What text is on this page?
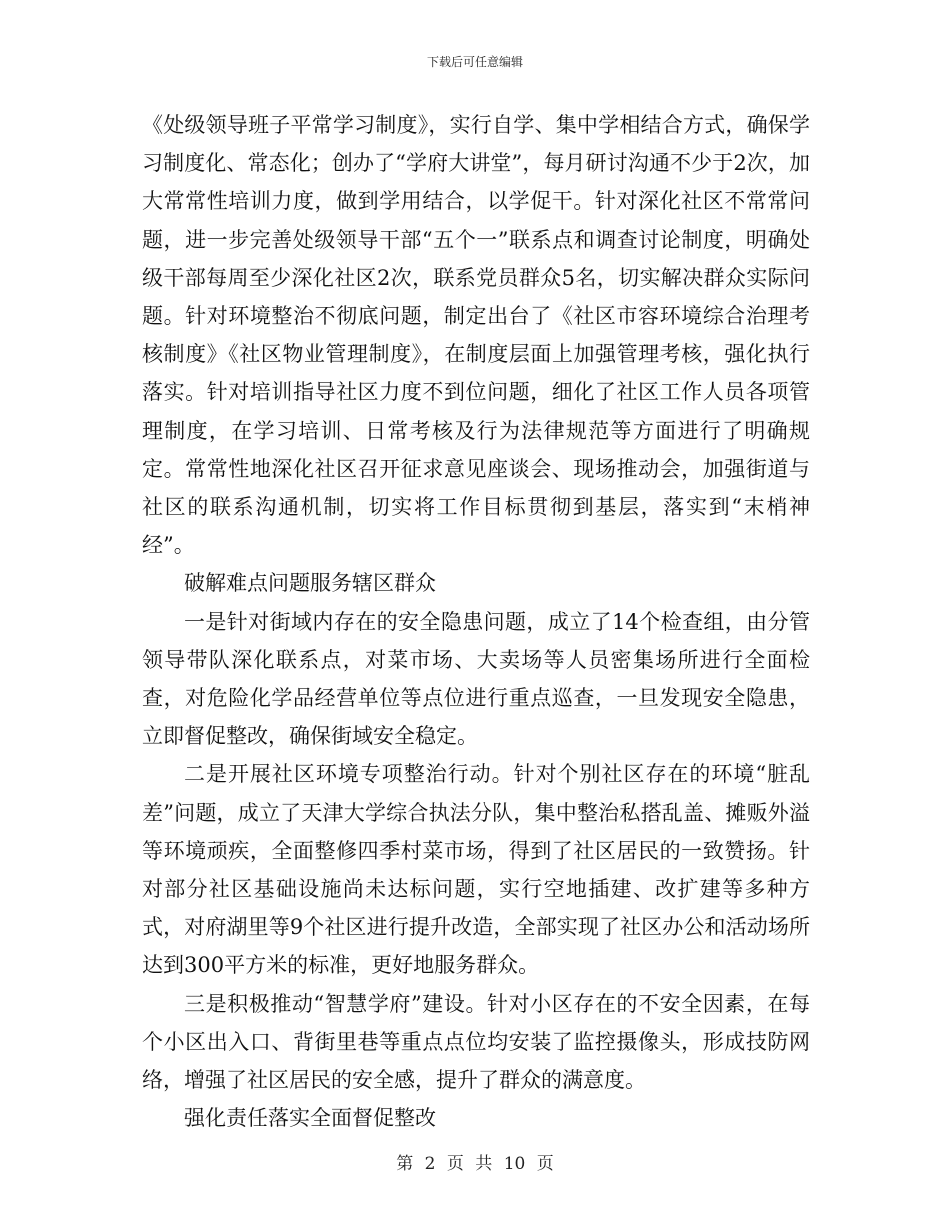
下载后可任意编辑

《处级领导班子平常学习制度》，实行自学、集中学相结合方式，确保学习制度化、常态化；创办了“学府大讲堂”，每月研讨沟通不少于2次，加大常常性培训力度，做到学用结合，以学促干。针对深化社区不常常问题，进一步完善处级领导干部“五个一”联系点和调查讨论制度，明确处级干部每周至少深化社区2次，联系党员群众5名，切实解决群众实际问题。针对环境整治不彻底问题，制定出台了《社区市容环境综合治理考核制度》《社区物业管理制度》，在制度层面上加强管理考核，强化执行落实。针对培训指导社区力度不到位问题，细化了社区工作人员各项管理制度，在学习培训、日常考核及行为法律规范等方面进行了明确规定。常常性地深化社区召开征求意见座谈会、现场推动会，加强街道与社区的联系沟通机制，切实将工作目标贯彻到基层，落实到“末梢神经”。

破解难点问题服务辖区群众

一是针对街域内存在的安全隐患问题，成立了14个检查组，由分管领导带队深化联系点，对菜市场、大卖场等人员密集场所进行全面检查，对危险化学品经营单位等点位进行重点巡查，一旦发现安全隐患，立即督促整改，确保街域安全稳定。

二是开展社区环境专项整治行动。针对个别社区存在的环境“脏乱差”问题，成立了天津大学综合执法分队，集中整治私搭乱盖、摊贩外溢等环境顽疾，全面整修四季村菜市场，得到了社区居民的一致赞扬。针对部分社区基础设施尚未达标问题，实行空地插建、改扩建等多种方式，对府湖里等9个社区进行提升改造，全部实现了社区办公和活动场所达到300平方米的标准，更好地服务群众。

三是积极推动“智慧学府”建设。针对小区存在的不安全因素，在每个小区出入口、背街里巷等重点点位均安装了监控摄像头，形成技防网络，增强了社区居民的安全感，提升了群众的满意度。

强化责任落实全面督促整改

第 2 页 共 10 页
